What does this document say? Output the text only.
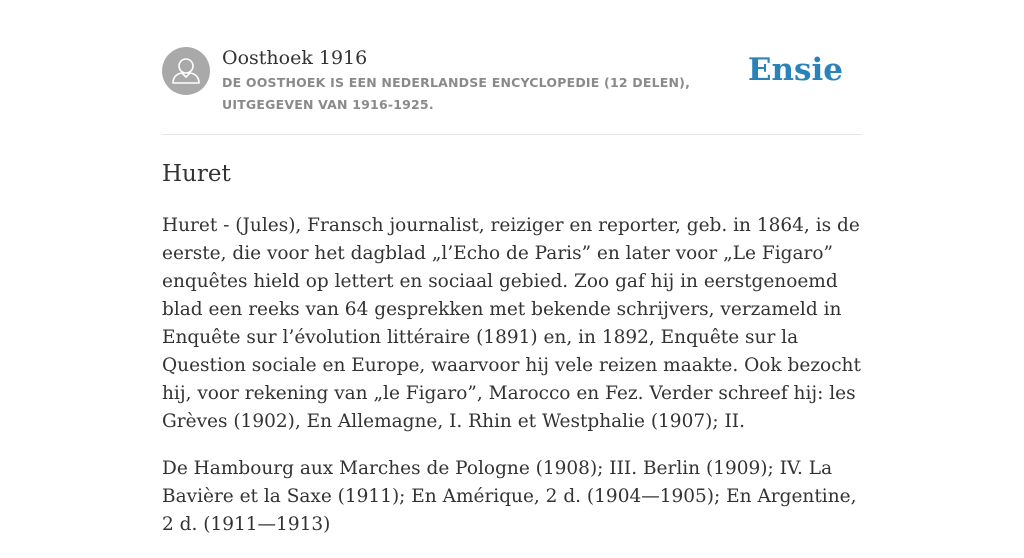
Oosthoek 1916
DE OOSTHOEK IS EEN NEDERLANDSE ENCYCLOPEDIE (12 DELEN), UITGEGEVEN VAN 1916-1925.
Ensie
Huret

Huret - (Jules), Fransch journalist, reiziger en reporter, geb. in 1864, is de eerste, die voor het dagblad „l’Echo de Paris” en later voor „Le Figaro” enquêtes hield op lettert en sociaal gebied. Zoo gaf hij in eerstgenoemd blad een reeks van 64 gesprekken met bekende schrijvers, verzameld in Enquête sur l’évolution littéraire (1891) en, in 1892, Enquête sur la Question sociale en Europe, waarvoor hij vele reizen maakte. Ook bezocht hij, voor rekening van „le Figaro”, Marocco en Fez. Verder schreef hij: les Grèves (1902), En Allemagne, I. Rhin et Westphalie (1907); II.

De Hambourg aux Marches de Pologne (1908); III. Berlin (1909); IV. La Bavière et la Saxe (1911); En Amérique, 2 d. (1904—1905); En Argentine, 2 d. (1911—1913)
